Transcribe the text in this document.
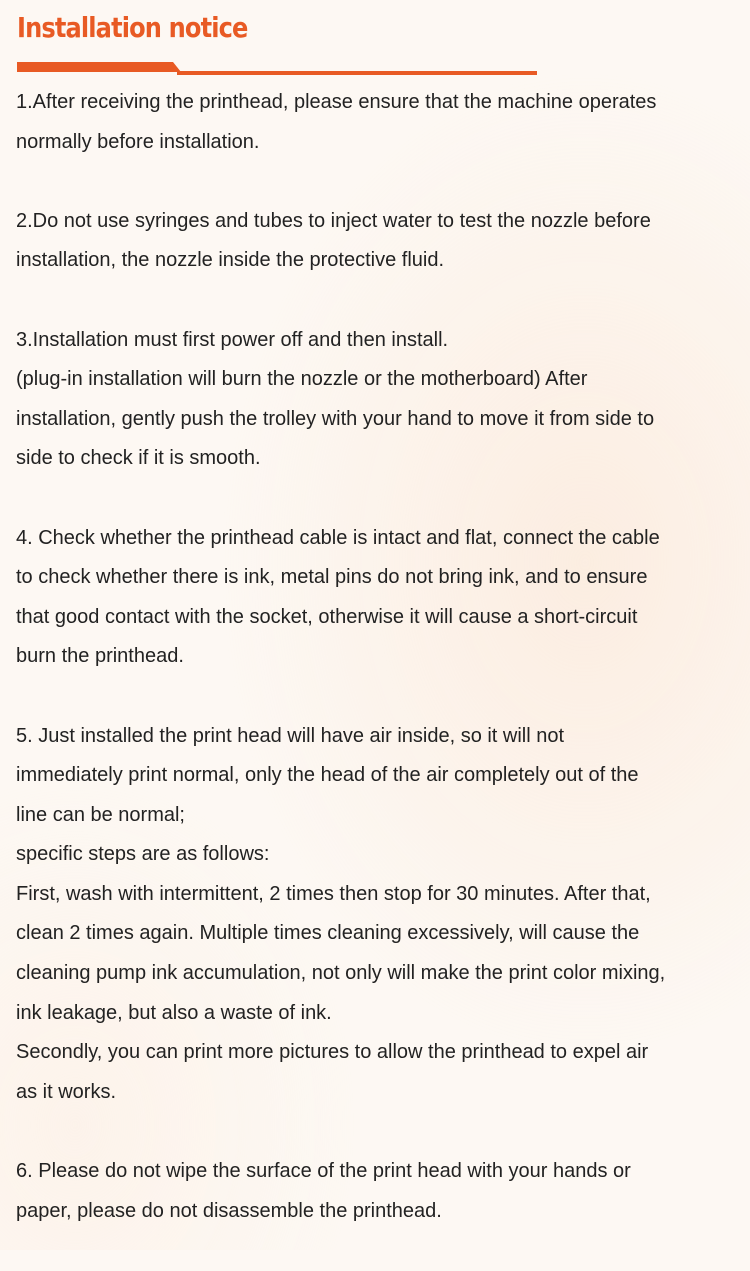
Installation notice
1.After receiving the printhead, please ensure that the machine operates
normally before installation.
2.Do not use syringes and tubes to inject water to test the nozzle before
installation, the nozzle inside the protective fluid.
3.Installation must first power off and then install.
(plug-in installation will burn the nozzle or the motherboard) After
installation, gently push the trolley with your hand to move it from side to
side to check if it is smooth.
4. Check whether the printhead cable is intact and flat, connect the cable
to check whether there is ink, metal pins do not bring ink, and to ensure
that good contact with the socket, otherwise it will cause a short-circuit
burn the printhead.
5. Just installed the print head will have air inside, so it will not
immediately print normal, only the head of the air completely out of the
line can be normal;
specific steps are as follows:
First, wash with intermittent, 2 times then stop for 30 minutes. After that,
clean 2 times again. Multiple times cleaning excessively, will cause the
cleaning pump ink accumulation, not only will make the print color mixing,
ink leakage, but also a waste of ink.
Secondly, you can print more pictures to allow the printhead to expel air
as it works.
6. Please do not wipe the surface of the print head with your hands or
paper, please do not disassemble the printhead.
